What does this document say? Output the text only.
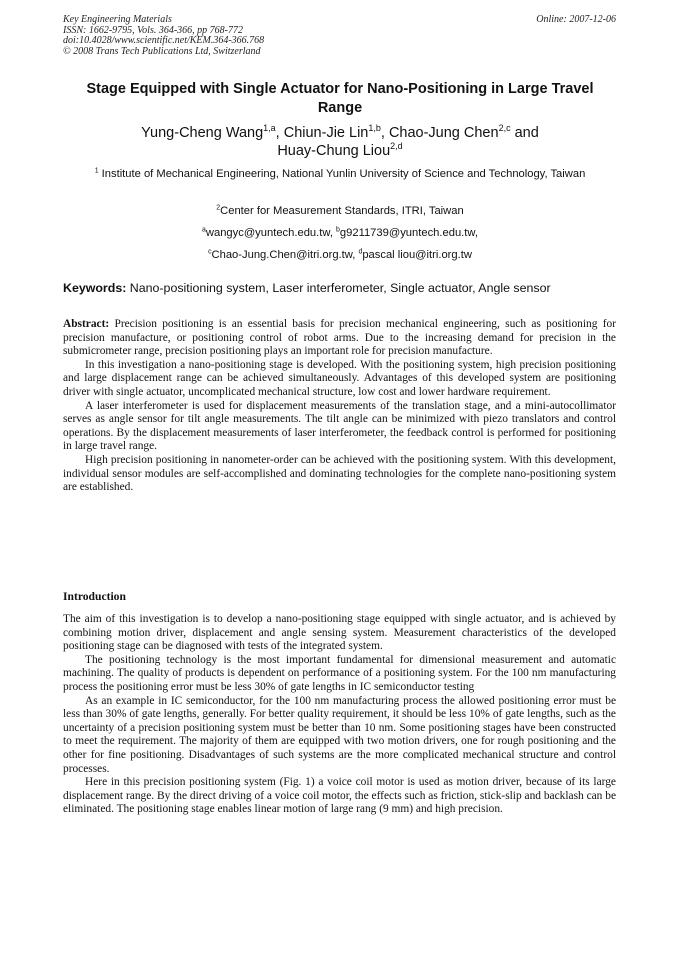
Key Engineering Materials
ISSN: 1662-9795, Vols. 364-366, pp 768-772
doi:10.4028/www.scientific.net/KEM.364-366.768
© 2008 Trans Tech Publications Ltd, Switzerland
Online: 2007-12-06
Stage Equipped with Single Actuator for Nano-Positioning in Large Travel Range
Yung-Cheng Wang$^{1,a}$, Chiun-Jie Lin$^{1,b}$, Chao-Jung Chen$^{2,c}$ and
Huay-Chung Liou$^{2,d}$
$^1$ Institute of Mechanical Engineering, National Yunlin University of Science and Technology, Taiwan
$^2$Center for Measurement Standards, ITRI, Taiwan
$^a$wangyc@yuntech.edu.tw, $^b$g9211739@yuntech.edu.tw,
$^c$Chao-Jung.Chen@itri.org.tw, $^d$pascal liou@itri.org.tw
Keywords: Nano-positioning system, Laser interferometer, Single actuator, Angle sensor

Abstract: Precision positioning is an essential basis for precision mechanical engineering, such as positioning for precision manufacture, or positioning control of robot arms. Due to the increasing demand for precision in the submicrometer range, precision positioning plays an important role for precision manufacture.

In this investigation a nano-positioning stage is developed. With the positioning system, high precision positioning and large displacement range can be achieved simultaneously. Advantages of this developed system are positioning driver with single actuator, uncomplicated mechanical structure, low cost and lower hardware requirement.

A laser interferometer is used for displacement measurements of the translation stage, and a mini-autocollimator serves as angle sensor for tilt angle measurements. The tilt angle can be minimized with piezo translators and control operations. By the displacement measurements of laser interferometer, the feedback control is performed for positioning in large travel range.

High precision positioning in nanometer-order can be achieved with the positioning system. With this development, individual sensor modules are self-accomplished and dominating technologies for the complete nano-positioning system are established.

Introduction

The aim of this investigation is to develop a nano-positioning stage equipped with single actuator, and is achieved by combining motion driver, displacement and angle sensing system. Measurement characteristics of the developed positioning stage can be diagnosed with tests of the integrated system.

The positioning technology is the most important fundamental for dimensional measurement and automatic machining. The quality of products is dependent on performance of a positioning system. For the 100 nm manufacturing process the positioning error must be less 30% of gate lengths in IC semiconductor testing

As an example in IC semiconductor, for the 100 nm manufacturing process the allowed positioning error must be less than 30% of gate lengths, generally. For better quality requirement, it should be less 10% of gate lengths, such as the uncertainty of a precision positioning system must be better than 10 nm. Some positioning stages have been constructed to meet the requirement. The majority of them are equipped with two motion drivers, one for rough positioning and the other for fine positioning. Disadvantages of such systems are the more complicated mechanical structure and control processes.

Here in this precision positioning system (Fig. 1) a voice coil motor is used as motion driver, because of its large displacement range. By the direct driving of a voice coil motor, the effects such as friction, stick-slip and backlash can be eliminated. The positioning stage enables linear motion of large rang (9 mm) and high precision.
